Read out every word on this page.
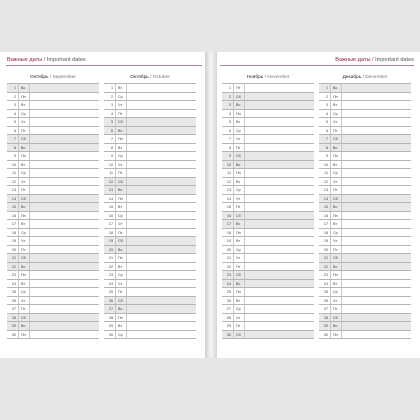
Важные даты / Important dates	Важные даты / Important dates
Октябрь / September
1	Вс
2	Пн
3	Вт
4	Ср
5	Чт
6	Пт
7	Сб
8	Вс
9	Пн
10	Вт
11	Ср
12	Чт
13	Пт
14	Сб
15	Вс
16	Пн
17	Вт
18	Ср
19	Чт
20	Пт
21	Сб
22	Вс
23	Пн
24	Вт
25	Ср
26	Чт
27	Пт
28	Сб
29	Вс
30	Пн
Октябрь / October
1	Вт
2	Ср
3	Чт
4	Пт
5	Сб
6	Вс
7	Пн
8	Вт
9	Ср
10	Чт
11	Пт
12	Сб
13	Вс
14	Пн
15	Вт
16	Ср
17	Чт
18	Пт
19	Сб
20	Вс
21	Пн
22	Вт
23	Ср
24	Чт
25	Пт
26	Сб
27	Вс
28	Пн
29	Вт
30	Ср
Ноябрь / November
1	Пт
2	Сб
3	Вс
4	Пн
5	Вт
6	Ср
7	Чт
8	Пт
9	Сб
10	Вс
11	Пн
12	Вт
13	Ср
14	Чт
15	Пт
16	Сб
17	Вс
18	Пн
19	Вт
20	Ср
21	Чт
22	Пт
23	Сб
24	Вс
25	Пн
26	Вт
27	Ср
28	Чт
29	Пт
30	Сб
Декабрь / December
1	Вс
2	Пн
3	Вт
4	Ср
5	Чт
6	Пт
7	Сб
8	Вс
9	Пн
10	Вт
11	Ср
12	Чт
13	Пт
14	Сб
15	Вс
16	Пн
17	Вт
18	Ср
19	Чт
20	Пт
21	Сб
22	Вс
23	Пн
24	Вт
25	Ср
26	Чт
27	Пт
28	Сб
29	Вс
30	Пн
